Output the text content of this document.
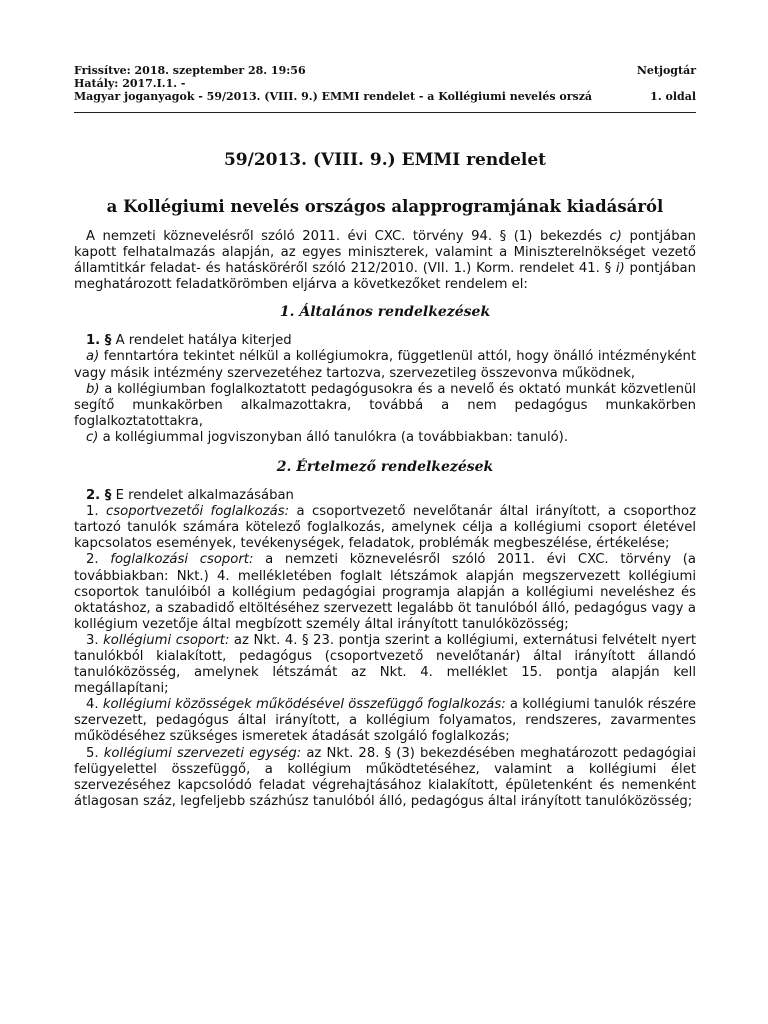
Frissítve: 2018. szeptember 28. 19:56	Netjogtár
Hatály: 2017.I.1. -
Magyar joganyagok - 59/2013. (VIII. 9.) EMMI rendelet - a Kollégiumi nevelés orszá	1. oldal
59/2013. (VIII. 9.) EMMI rendelet
a Kollégiumi nevelés országos alapprogramjának kiadásáról

A nemzeti köznevelésről szóló 2011. évi CXC. törvény 94. § (1) bekezdés c) pontjában kapott felhatalmazás alapján, az egyes miniszterek, valamint a Miniszterelnökséget vezető államtitkár feladat- és hatásköréről szóló 212/2010. (VII. 1.) Korm. rendelet 41. § i) pontjában meghatározott feladatkörömben eljárva a következőket rendelem el:

1. Általános rendelkezések

1. § A rendelet hatálya kiterjed

a) fenntartóra tekintet nélkül a kollégiumokra, függetlenül attól, hogy önálló intézményként vagy másik intézmény szervezetéhez tartozva, szervezetileg összevonva működnek,

b) a kollégiumban foglalkoztatott pedagógusokra és a nevelő és oktató munkát közvetlenül segítő munkakörben alkalmazottakra, továbbá a nem pedagógus munkakörben foglalkoztatottakra,

c) a kollégiummal jogviszonyban álló tanulókra (a továbbiakban: tanuló).

2. Értelmező rendelkezések

2. § E rendelet alkalmazásában

1. csoportvezetői foglalkozás: a csoportvezető nevelőtanár által irányított, a csoporthoz tartozó tanulók számára kötelező foglalkozás, amelynek célja a kollégiumi csoport életével kapcsolatos események, tevékenységek, feladatok, problémák megbeszélése, értékelése;

2. foglalkozási csoport: a nemzeti köznevelésről szóló 2011. évi CXC. törvény (a továbbiakban: Nkt.) 4. mellékletében foglalt létszámok alapján megszervezett kollégiumi csoportok tanulóiból a kollégium pedagógiai programja alapján a kollégiumi neveléshez és oktatáshoz, a szabadidő eltöltéséhez szervezett legalább öt tanulóból álló, pedagógus vagy a kollégium vezetője által megbízott személy által irányított tanulóközösség;

3. kollégiumi csoport: az Nkt. 4. § 23. pontja szerint a kollégiumi, externátusi felvételt nyert tanulókból kialakított, pedagógus (csoportvezető nevelőtanár) által irányított állandó tanulóközösség, amelynek létszámát az Nkt. 4. melléklet 15. pontja alapján kell megállapítani;

4. kollégiumi közösségek működésével összefüggő foglalkozás: a kollégiumi tanulók részére szervezett, pedagógus által irányított, a kollégium folyamatos, rendszeres, zavarmentes működéséhez szükséges ismeretek átadását szolgáló foglalkozás;

5. kollégiumi szervezeti egység: az Nkt. 28. § (3) bekezdésében meghatározott pedagógiai felügyelettel összefüggő, a kollégium működtetéséhez, valamint a kollégiumi élet szervezéséhez kapcsolódó feladat végrehajtásához kialakított, épületenként és nemenként átlagosan száz, legfeljebb százhúsz tanulóból álló, pedagógus által irányított tanulóközösség;
